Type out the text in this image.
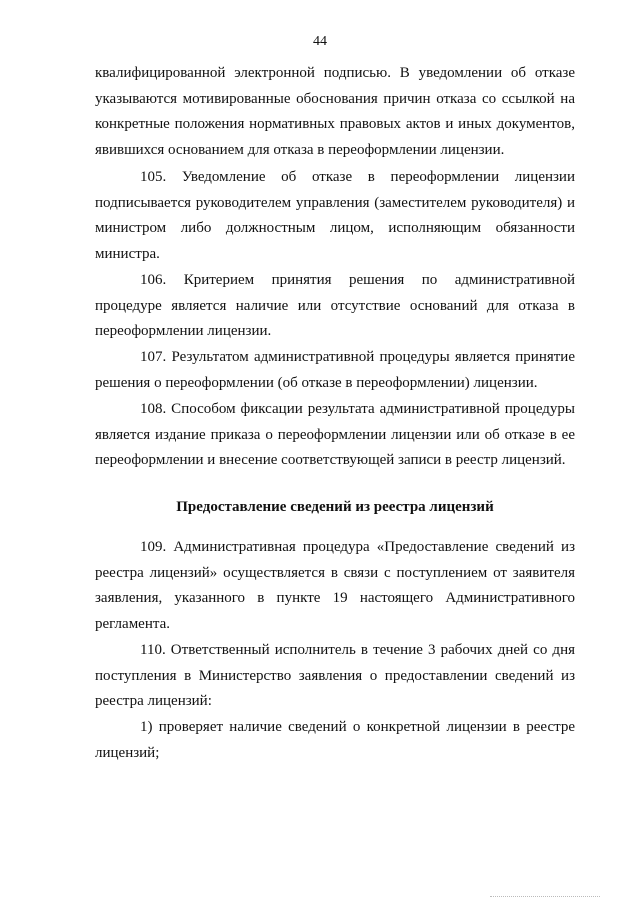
44

квалифицированной электронной подписью. В уведомлении об отказе указываются мотивированные обоснования причин отказа со ссылкой на конкретные положения нормативных правовых актов и иных документов, явившихся основанием для отказа в переоформлении лицензии.

105. Уведомление об отказе в переоформлении лицензии подписывается руководителем управления (заместителем руководителя) и министром либо должностным лицом, исполняющим обязанности министра.

106. Критерием принятия решения по административной процедуре является наличие или отсутствие оснований для отказа в переоформлении лицензии.

107. Результатом административной процедуры является принятие решения о переоформлении (об отказе в переоформлении) лицензии.

108. Способом фиксации результата административной процедуры является издание приказа о переоформлении лицензии или об отказе в ее переоформлении и внесение соответствующей записи в реестр лицензий.

Предоставление сведений из реестра лицензий

109. Административная процедура «Предоставление сведений из реестра лицензий» осуществляется в связи с поступлением от заявителя заявления, указанного в пункте 19 настоящего Административного регламента.

110. Ответственный исполнитель в течение 3 рабочих дней со дня поступления в Министерство заявления о предоставлении сведений из реестра лицензий:

1) проверяет наличие сведений о конкретной лицензии в реестре лицензий;
